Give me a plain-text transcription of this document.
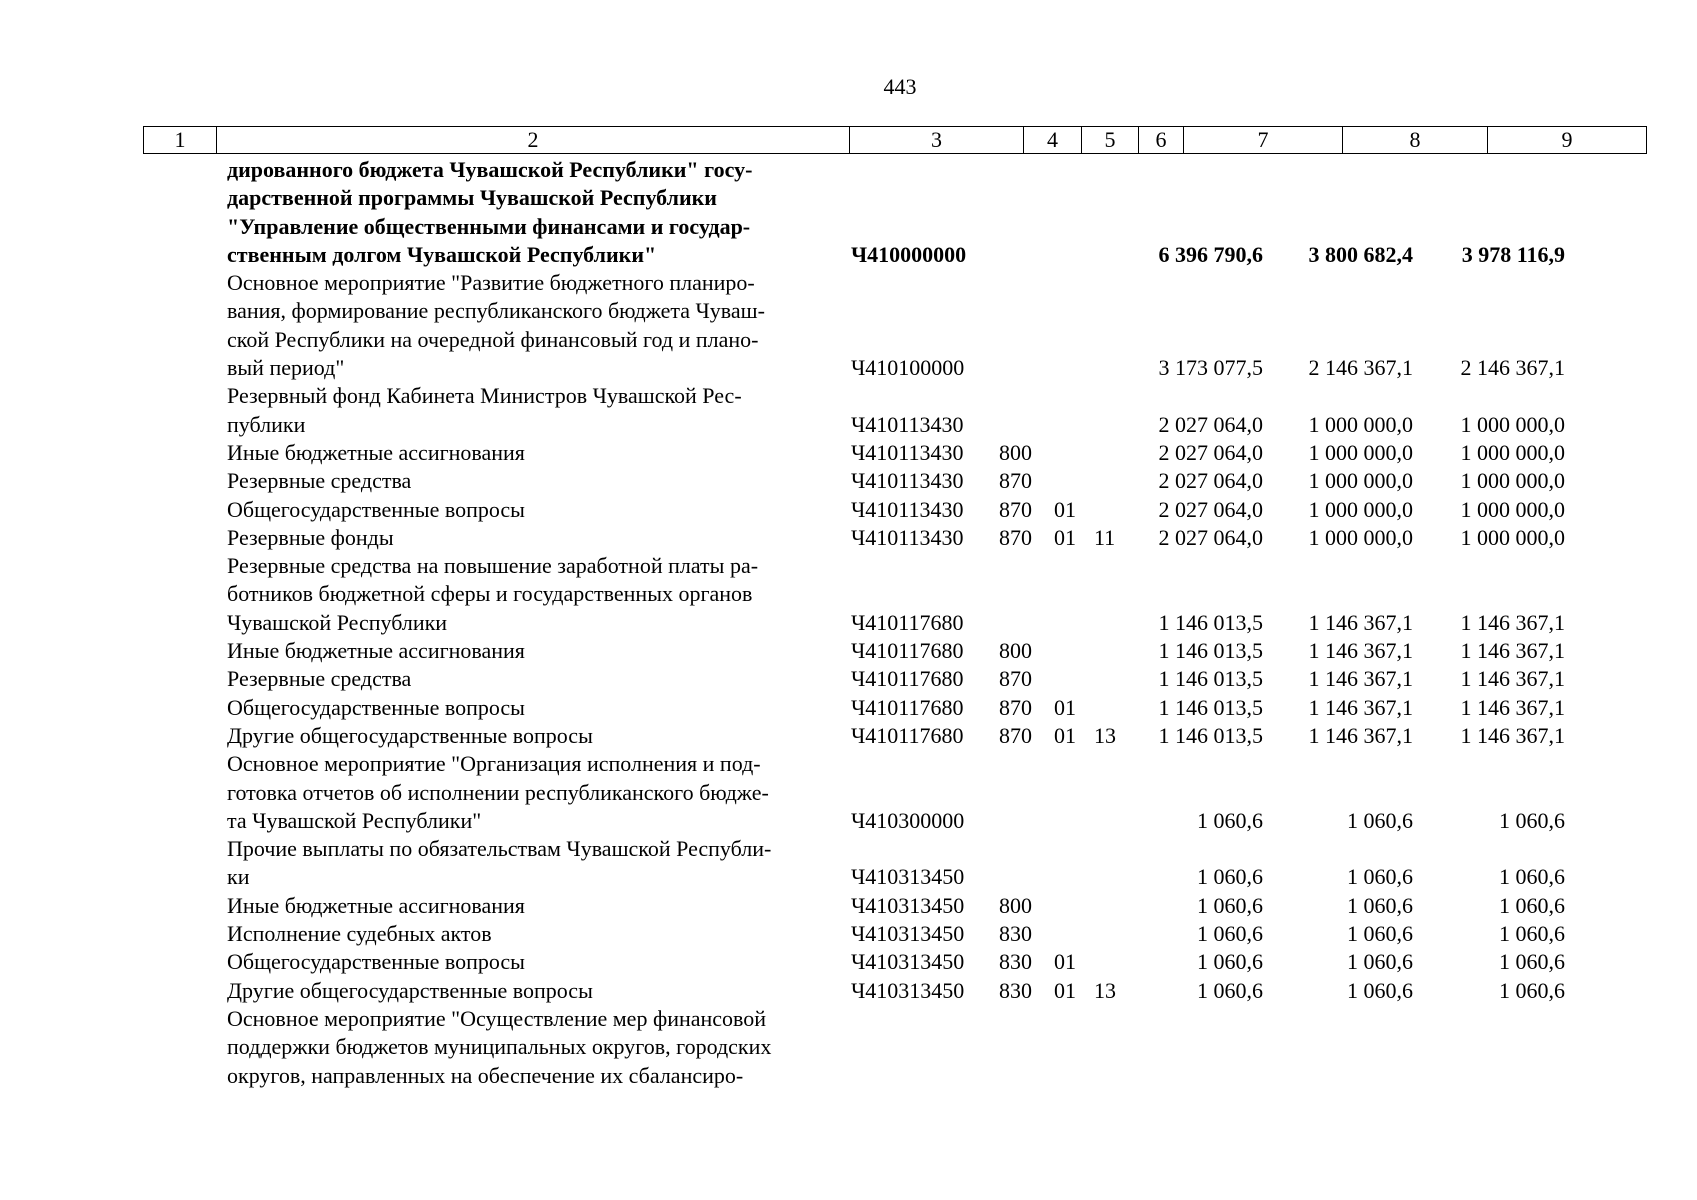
443
1	2	3	4	5	6	7	8	9
дированного бюджета Чувашской Республики" госу-
дарственной программы Чувашской Республики
"Управление общественными финансами и государ-
ственным долгом Чувашской Республики"	Ч410000000	6 396 790,6	3 800 682,4	3 978 116,9
Основное мероприятие "Развитие бюджетного планиро-
вания, формирование республиканского бюджета Чуваш-
ской Республики на очередной финансовый год и плано-
вый период"	Ч410100000	3 173 077,5	2 146 367,1	2 146 367,1
Резервный фонд Кабинета Министров Чувашской Рес-
публики	Ч410113430	2 027 064,0	1 000 000,0	1 000 000,0
Иные бюджетные ассигнования	Ч410113430	800	2 027 064,0	1 000 000,0	1 000 000,0
Резервные средства	Ч410113430	870	2 027 064,0	1 000 000,0	1 000 000,0
Общегосударственные вопросы	Ч410113430	870	01	2 027 064,0	1 000 000,0	1 000 000,0
Резервные фонды	Ч410113430	870	01 11	2 027 064,0	1 000 000,0	1 000 000,0
Резервные средства на повышение заработной платы ра-
ботников бюджетной сферы и государственных органов
Чувашской Республики	Ч410117680	1 146 013,5	1 146 367,1	1 146 367,1
Иные бюджетные ассигнования	Ч410117680	800	1 146 013,5	1 146 367,1	1 146 367,1
Резервные средства	Ч410117680	870	1 146 013,5	1 146 367,1	1 146 367,1
Общегосударственные вопросы	Ч410117680	870	01	1 146 013,5	1 146 367,1	1 146 367,1
Другие общегосударственные вопросы	Ч410117680	870	01 13	1 146 013,5	1 146 367,1	1 146 367,1
Основное мероприятие "Организация исполнения и под-
готовка отчетов об исполнении республиканского бюдже-
та Чувашской Республики"	Ч410300000	1 060,6	1 060,6	1 060,6
Прочие выплаты по обязательствам Чувашской Республи-
ки	Ч410313450	1 060,6	1 060,6	1 060,6
Иные бюджетные ассигнования	Ч410313450	800	1 060,6	1 060,6	1 060,6
Исполнение судебных актов	Ч410313450	830	1 060,6	1 060,6	1 060,6
Общегосударственные вопросы	Ч410313450	830	01	1 060,6	1 060,6	1 060,6
Другие общегосударственные вопросы	Ч410313450	830	01 13	1 060,6	1 060,6	1 060,6
Основное мероприятие "Осуществление мер финансовой
поддержки бюджетов муниципальных округов, городских
округов, направленных на обеспечение их сбалансиро-
